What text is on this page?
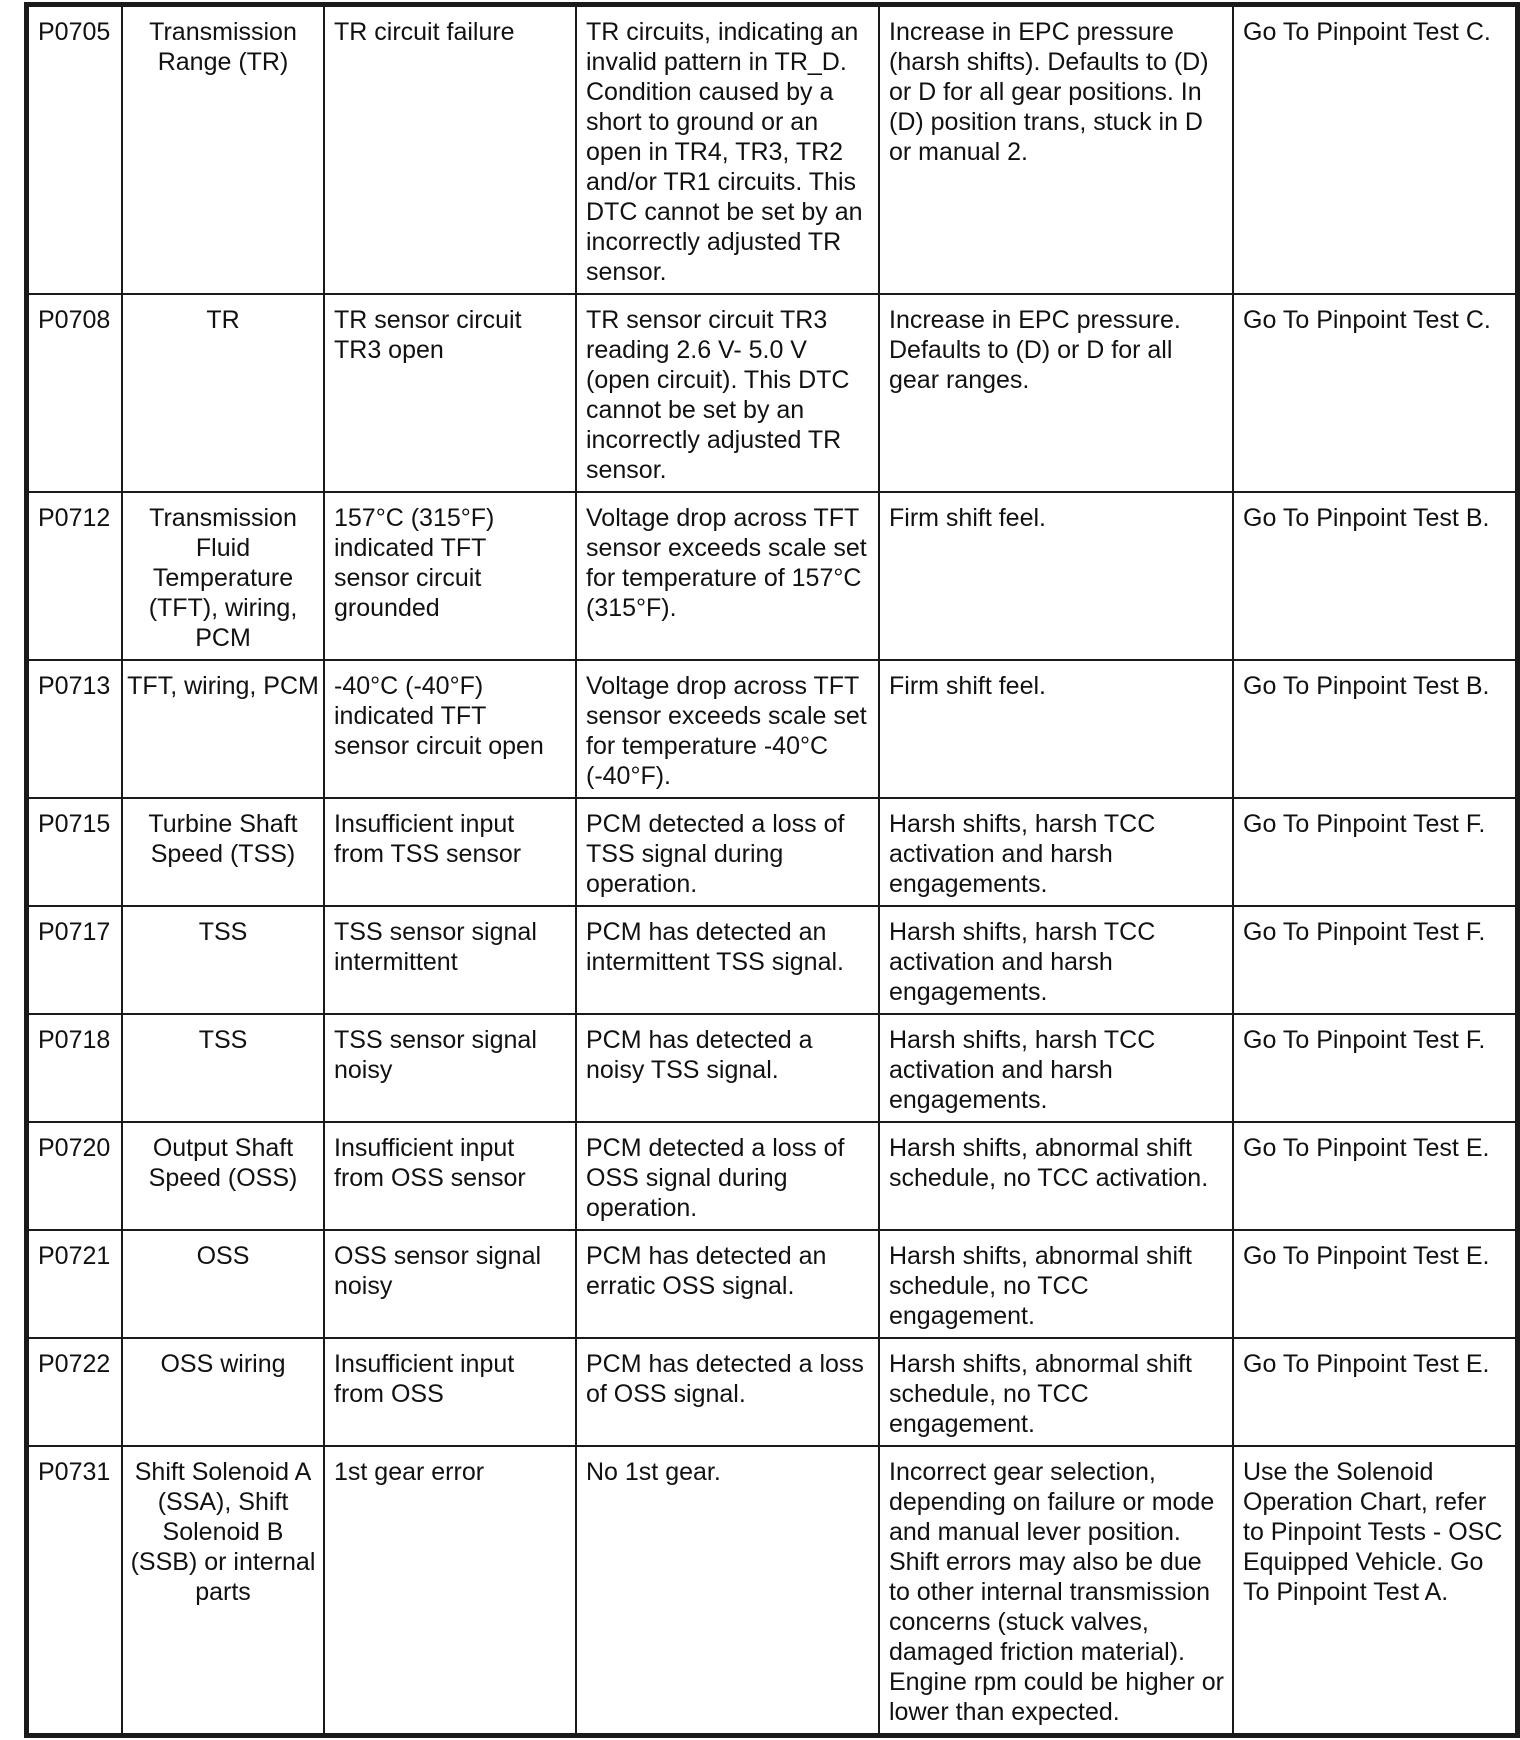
P0705	Transmission Range (TR)	TR circuit failure	TR circuits, indicating an invalid pattern in TR_D. Condition caused by a short to ground or an open in TR4, TR3, TR2 and/or TR1 circuits. This DTC cannot be set by an incorrectly adjusted TR sensor.	Increase in EPC pressure (harsh shifts). Defaults to (D) or D for all gear positions. In (D) position trans, stuck in D or manual 2.	Go To Pinpoint Test C.
P0708	TR	TR sensor circuit TR3 open	TR sensor circuit TR3 reading 2.6 V- 5.0 V (open circuit). This DTC cannot be set by an incorrectly adjusted TR sensor.	Increase in EPC pressure. Defaults to (D) or D for all gear ranges.	Go To Pinpoint Test C.
P0712	Transmission Fluid Temperature (TFT), wiring, PCM	157°C (315°F) indicated TFT sensor circuit grounded	Voltage drop across TFT sensor exceeds scale set for temperature of 157°C (315°F).	Firm shift feel.	Go To Pinpoint Test B.
P0713	TFT, wiring, PCM	-40°C (-40°F) indicated TFT sensor circuit open	Voltage drop across TFT sensor exceeds scale set for temperature -40°C (-40°F).	Firm shift feel.	Go To Pinpoint Test B.
P0715	Turbine Shaft Speed (TSS)	Insufficient input from TSS sensor	PCM detected a loss of TSS signal during operation.	Harsh shifts, harsh TCC activation and harsh engagements.	Go To Pinpoint Test F.
P0717	TSS	TSS sensor signal intermittent	PCM has detected an intermittent TSS signal.	Harsh shifts, harsh TCC activation and harsh engagements.	Go To Pinpoint Test F.
P0718	TSS	TSS sensor signal noisy	PCM has detected a noisy TSS signal.	Harsh shifts, harsh TCC activation and harsh engagements.	Go To Pinpoint Test F.
P0720	Output Shaft Speed (OSS)	Insufficient input from OSS sensor	PCM detected a loss of OSS signal during operation.	Harsh shifts, abnormal shift schedule, no TCC activation.	Go To Pinpoint Test E.
P0721	OSS	OSS sensor signal noisy	PCM has detected an erratic OSS signal.	Harsh shifts, abnormal shift schedule, no TCC engagement.	Go To Pinpoint Test E.
P0722	OSS wiring	Insufficient input from OSS	PCM has detected a loss of OSS signal.	Harsh shifts, abnormal shift schedule, no TCC engagement.	Go To Pinpoint Test E.
P0731	Shift Solenoid A (SSA), Shift Solenoid B (SSB) or internal parts	1st gear error	No 1st gear.	Incorrect gear selection, depending on failure or mode and manual lever position. Shift errors may also be due to other internal transmission concerns (stuck valves, damaged friction material). Engine rpm could be higher or lower than expected.	Use the Solenoid Operation Chart, refer to Pinpoint Tests - OSC Equipped Vehicle. Go To Pinpoint Test A.
